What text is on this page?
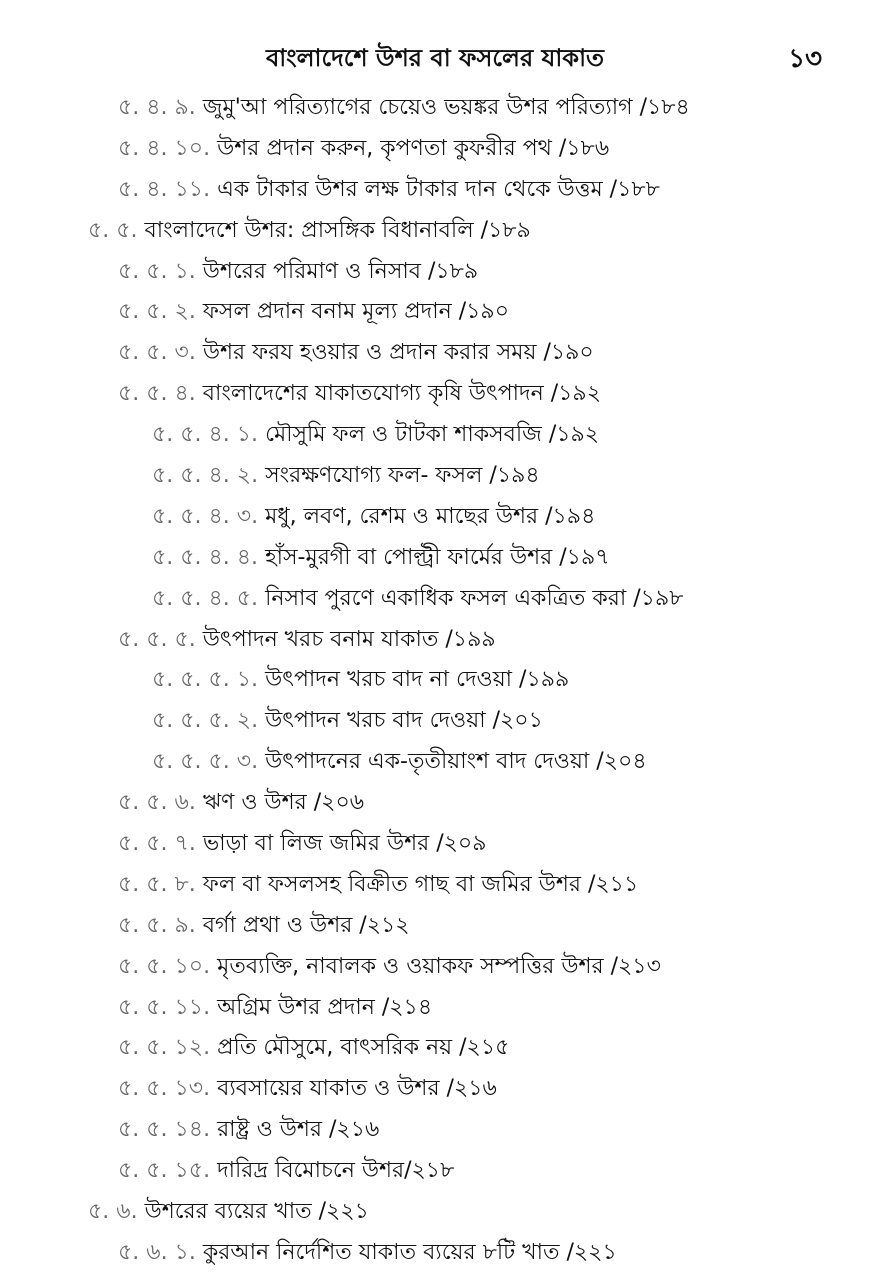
বাংলাদেশে উশর বা ফসলের যাকাত	১৩
৫. ৪. ৯. জুমু'আ পরিত্যাগের চেয়েও ভয়ঙ্কর উশর পরিত্যাগ /১৮৪
৫. ৪. ১০. উশর প্রদান করুন, কৃপণতা কুফরীর পথ /১৮৬
৫. ৪. ১১. এক টাকার উশর লক্ষ টাকার দান থেকে উত্তম /১৮৮
৫. ৫. বাংলাদেশে উশর: প্রাসঙ্গিক বিধানাবলি /১৮৯
৫. ৫. ১. উশরের পরিমাণ ও নিসাব /১৮৯
৫. ৫. ২. ফসল প্রদান বনাম মূল্য প্রদান /১৯০
৫. ৫. ৩. উশর ফরয হওয়ার ও প্রদান করার সময় /১৯০
৫. ৫. ৪. বাংলাদেশের যাকাতযোগ্য কৃষি উৎপাদন /১৯২
৫. ৫. ৪. ১. মৌসুমি ফল ও টাটকা শাকসবজি /১৯২
৫. ৫. ৪. ২. সংরক্ষণযোগ্য ফল- ফসল /১৯৪
৫. ৫. ৪. ৩. মধু, লবণ, রেশম ও মাছের উশর /১৯৪
৫. ৫. ৪. ৪. হাঁস-মুরগী বা পোল্ট্রী ফার্মের উশর /১৯৭
৫. ৫. ৪. ৫. নিসাব পুরণে একাধিক ফসল একত্রিত করা /১৯৮
৫. ৫. ৫. উৎপাদন খরচ বনাম যাকাত /১৯৯
৫. ৫. ৫. ১. উৎপাদন খরচ বাদ না দেওয়া /১৯৯
৫. ৫. ৫. ২. উৎপাদন খরচ বাদ দেওয়া /২০১
৫. ৫. ৫. ৩. উৎপাদনের এক-তৃতীয়াংশ বাদ দেওয়া /২০৪
৫. ৫. ৬. ঋণ ও উশর /২০৬
৫. ৫. ৭. ভাড়া বা লিজ জমির উশর /২০৯
৫. ৫. ৮. ফল বা ফসলসহ বিক্রীত গাছ বা জমির উশর /২১১
৫. ৫. ৯. বর্গা প্রথা ও উশর /২১২
৫. ৫. ১০. মৃতব্যক্তি, নাবালক ও ওয়াকফ সম্পত্তির উশর /২১৩
৫. ৫. ১১. অগ্রিম উশর প্রদান /২১৪
৫. ৫. ১২. প্রতি মৌসুমে, বাৎসরিক নয় /২১৫
৫. ৫. ১৩. ব্যবসায়ের যাকাত ও উশর /২১৬
৫. ৫. ১৪. রাষ্ট্র ও উশর /২১৬
৫. ৫. ১৫. দারিদ্র বিমোচনে উশর/২১৮
৫. ৬. উশরের ব্যয়ের খাত /২২১
৫. ৬. ১. কুরআন নির্দেশিত যাকাত ব্যয়ের ৮টি খাত /২২১
